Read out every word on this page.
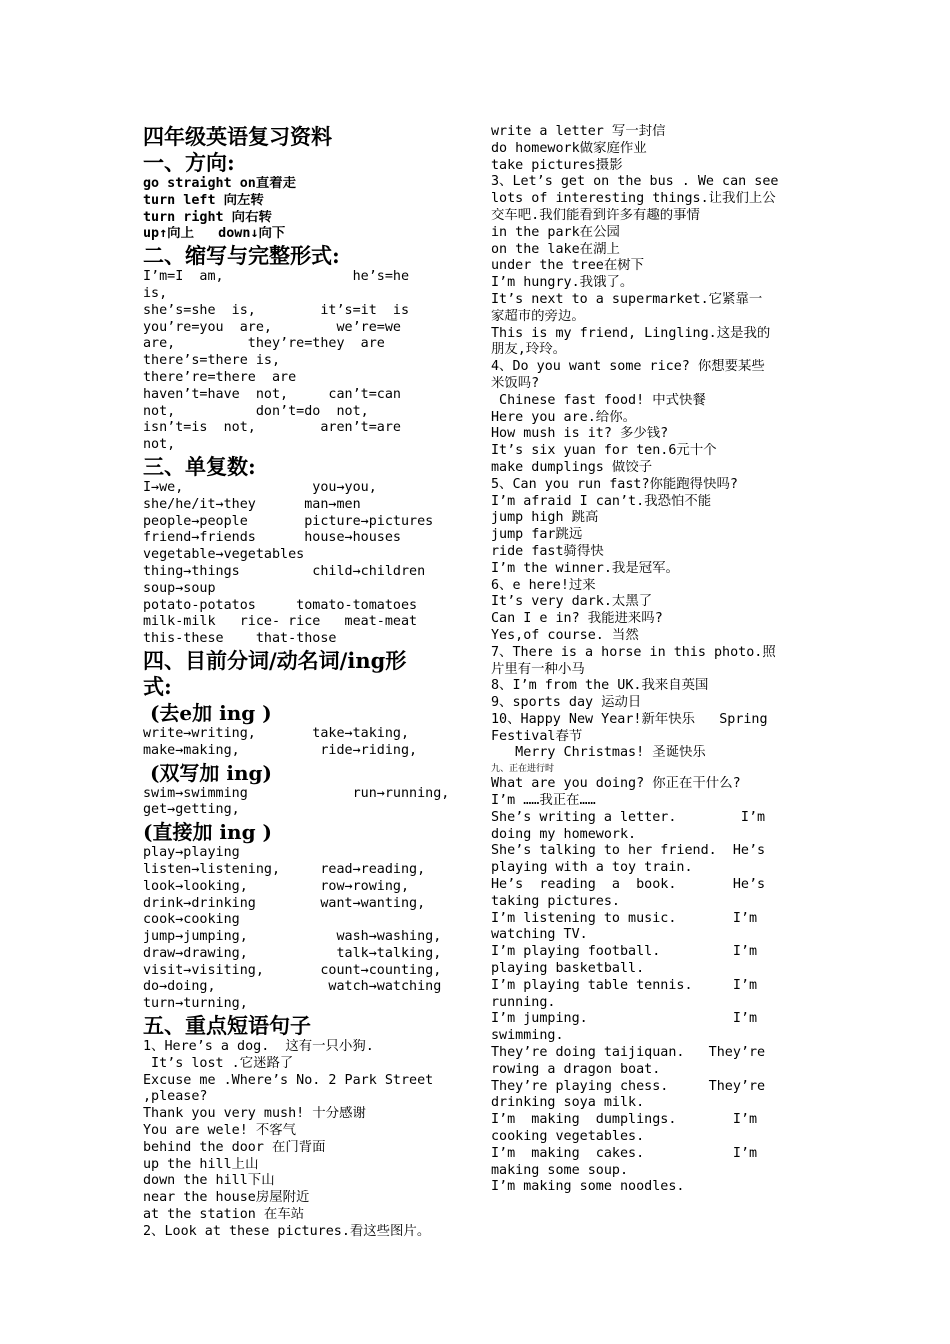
四年级英语复习资料
一、方向:
go straight on直着走
turn left 向左转
turn right 向右转
up↑向上   down↓向下
二、缩写与完整形式:
I’m=I  am,                he’s=he
is,
she’s=she  is,        it’s=it  is
you’re=you  are,        we’re=we
are,         they’re=they  are
there’s=there is,
there’re=there  are
haven’t=have  not,     can’t=can
not,          don’t=do  not,
isn’t=is  not,        aren’t=are
not,
三、单复数:
I→we,                you→you,
she/he/it→they      man→men
people→people       picture→pictures
friend→friends      house→houses
vegetable→vegetables
thing→things         child→children
soup→soup
potato-potatos     tomato-tomatoes
milk-milk   rice- rice   meat-meat
this-these    that-those
四、目前分词/动名词/ing形
式:
(去e加 ing )
write→writing,       take→taking,
make→making,          ride→riding,
(双写加 ing)
swim→swimming             run→running,
get→getting,
(直接加 ing )
play→playing
listen→listening,     read→reading,
look→looking,         row→rowing,
drink→drinking        want→wanting,
cook→cooking
jump→jumping,           wash→washing,
draw→drawing,           talk→talking,
visit→visiting,       count→counting,
do→doing,              watch→watching
turn→turning,
五、重点短语句子
1、Here’s a dog.  这有一只小狗.
It’s lost .它迷路了
Excuse me .Where’s No. 2 Park Street
,please?
Thank you very mush! 十分感谢
You are wele! 不客气
behind the door 在门背面
up the hill上山
down the hill下山
near the house房屋附近
at the station 在车站
2、Look at these pictures.看这些图片。
write a letter 写一封信
do homework做家庭作业
take pictures摄影
3、Let’s get on the bus . We can see
lots of interesting things.让我们上公
交车吧.我们能看到许多有趣的事情
in the park在公园
on the lake在湖上
under the tree在树下
I’m hungry.我饿了。
It’s next to a supermarket.它紧靠一
家超市的旁边。
This is my friend, Lingling.这是我的
朋友,玲玲。
4、Do you want some rice? 你想要某些
米饭吗?
Chinese fast food! 中式快餐
Here you are.给你。
How mush is it? 多少钱?
It’s six yuan for ten.6元十个
make dumplings 做饺子
5、Can you run fast?你能跑得快吗?
I’m afraid I can’t.我恐怕不能
jump high 跳高
jump far跳远
ride fast骑得快
I’m the winner.我是冠军。
6、e here!过来
It’s very dark.太黑了
Can I e in? 我能进来吗?
Yes,of course. 当然
7、There is a horse in this photo.照
片里有一种小马
8、I’m from the UK.我来自英国
9、sports day 运动日
10、Happy New Year!新年快乐   Spring
Festival春节
Merry Christmas! 圣诞快乐
九、正在进行时
What are you doing? 你正在干什么?
I’m ……我正在……
She’s writing a letter.        I’m
doing my homework.
She’s talking to her friend.  He’s
playing with a toy train.
He’s  reading  a  book.       He’s
taking pictures.
I’m listening to music.       I’m
watching TV.
I’m playing football.         I’m
playing basketball.
I’m playing table tennis.     I’m
running.
I’m jumping.                  I’m
swimming.
They’re doing taijiquan.   They’re
rowing a dragon boat.
They’re playing chess.     They’re
drinking soya milk.
I’m  making  dumplings.       I’m
cooking vegetables.
I’m  making  cakes.           I’m
making some soup.
I’m making some noodles.
